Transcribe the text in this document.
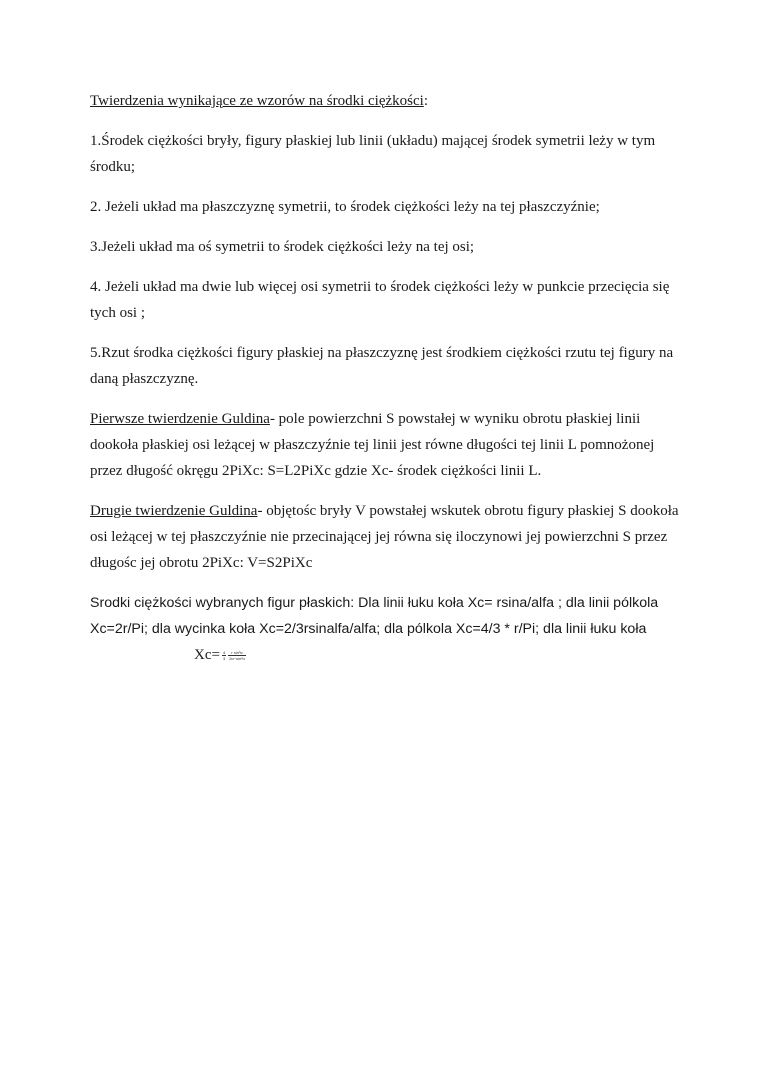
Twierdzenia wynikające ze wzorów na środki ciężkości:

1.Środek ciężkości bryły, figury płaskiej lub linii (układu) mającej środek symetrii leży w tym środku;

2. Jeżeli układ ma płaszczyznę symetrii, to środek ciężkości leży na tej płaszczyźnie;

3.Jeżeli układ ma oś symetrii to środek ciężkości leży na tej osi;

4. Jeżeli układ ma dwie lub więcej osi symetrii to środek ciężkości leży w punkcie przecięcia się tych osi ;

5.Rzut środka ciężkości figury płaskiej na płaszczyznę jest środkiem ciężkości rzutu tej figury na daną płaszczyznę.

Pierwsze twierdzenie Guldina- pole powierzchni S powstałej w wyniku obrotu płaskiej linii dookoła płaskiej osi leżącej w płaszczyźnie tej linii jest równe długości tej linii L pomnożonej przez długość okręgu 2PiXc: S=L2PiXc gdzie Xc- środek ciężkości linii L.

Drugie twierdzenie Guldina- objętośc bryły V powstałej wskutek obrotu figury płaskiej S dookoła osi leżącej w tej płaszczyźnie nie przecinającej jej równa się iloczynowi jej powierzchni S przez długośc jej obrotu 2PiXc: V=S2PiXc

Srodki ciężkości wybranych figur płaskich: Dla linii łuku koła Xc= rsina/alfa ; dla linii pólkola Xc=2r/Pi; dla wycinka koła Xc=2/3rsinalfa/alfa; dla pólkola Xc=4/3 * r/Pi; dla linii łuku kołaXc= $\frac{4}{3} \frac{\text{r sin³α}}{\text{2α−sin²α}}$
